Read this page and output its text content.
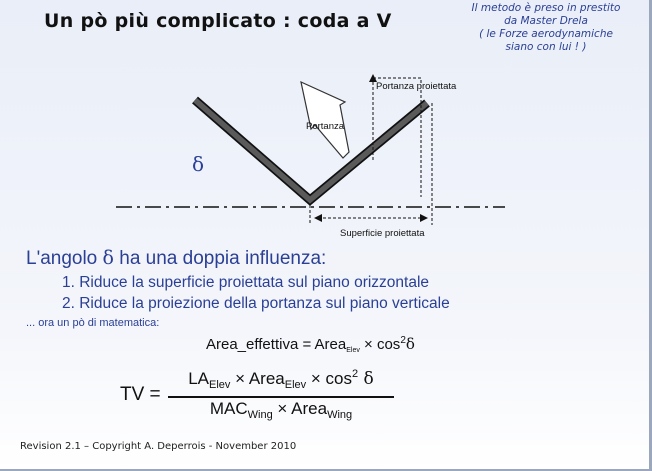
Un pò più complicato : coda a V
Il metodo è preso in prestito
da Master Drela
( le Forze aerodynamiche
siano con lui ! )
Portanza proiettata
Portanza
Superficie proiettata
δ
L'angolo δ ha una doppia influenza:
1. Riduce la superficie proiettata sul piano orizzontale
2. Riduce la proiezione della portanza sul piano verticale
... ora un pò di matematica:
Area_effettiva = Area$_{Elev}$ × $\cos^2\delta$
TV =
$LA_{Elev}$ × Area$_{Elev}$ × $\cos^2 \delta$
$MAC_{Wing}$ × Area$_{Wing}$
Revision 2.1 – Copyright A. Deperrois - November 2010
